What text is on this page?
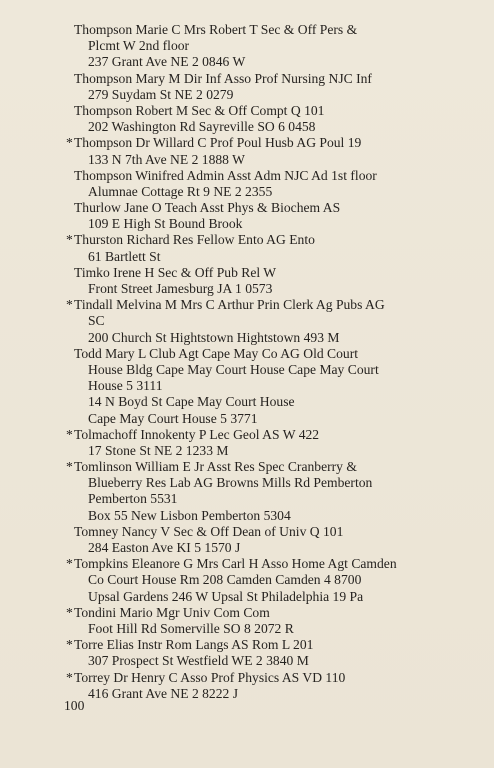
Thompson Marie C Mrs Robert T Sec & Off Pers &
Plcmt W 2nd floor
237 Grant Ave NE 2 0846 W
Thompson Mary M Dir Inf Asso Prof Nursing NJC Inf
279 Suydam St NE 2 0279
Thompson Robert M Sec & Off Compt Q 101
202 Washington Rd Sayreville SO 6 0458
*Thompson Dr Willard C Prof Poul Husb AG Poul 19
133 N 7th Ave NE 2 1888 W
Thompson Winifred Admin Asst Adm NJC Ad 1st floor
Alumnae Cottage Rt 9 NE 2 2355
Thurlow Jane O Teach Asst Phys & Biochem AS
109 E High St Bound Brook
*Thurston Richard Res Fellow Ento AG Ento
61 Bartlett St
Timko Irene H Sec & Off Pub Rel W
Front Street Jamesburg JA 1 0573
*Tindall Melvina M Mrs C Arthur Prin Clerk Ag Pubs AG
SC
200 Church St Hightstown Hightstown 493 M
Todd Mary L Club Agt Cape May Co AG Old Court
House Bldg Cape May Court House Cape May Court
House 5 3111
14 N Boyd St Cape May Court House
Cape May Court House 5 3771
*Tolmachoff Innokenty P Lec Geol AS W 422
17 Stone St NE 2 1233 M
*Tomlinson William E Jr Asst Res Spec Cranberry &
Blueberry Res Lab AG Browns Mills Rd Pemberton
Pemberton 5531
Box 55 New Lisbon Pemberton 5304
Tomney Nancy V Sec & Off Dean of Univ Q 101
284 Easton Ave KI 5 1570 J
*Tompkins Eleanore G Mrs Carl H Asso Home Agt Camden
Co Court House Rm 208 Camden Camden 4 8700
Upsal Gardens 246 W Upsal St Philadelphia 19 Pa
*Tondini Mario Mgr Univ Com Com
Foot Hill Rd Somerville SO 8 2072 R
*Torre Elias Instr Rom Langs AS Rom L 201
307 Prospect St Westfield WE 2 3840 M
*Torrey Dr Henry C Asso Prof Physics AS VD 110
416 Grant Ave NE 2 8222 J
100
